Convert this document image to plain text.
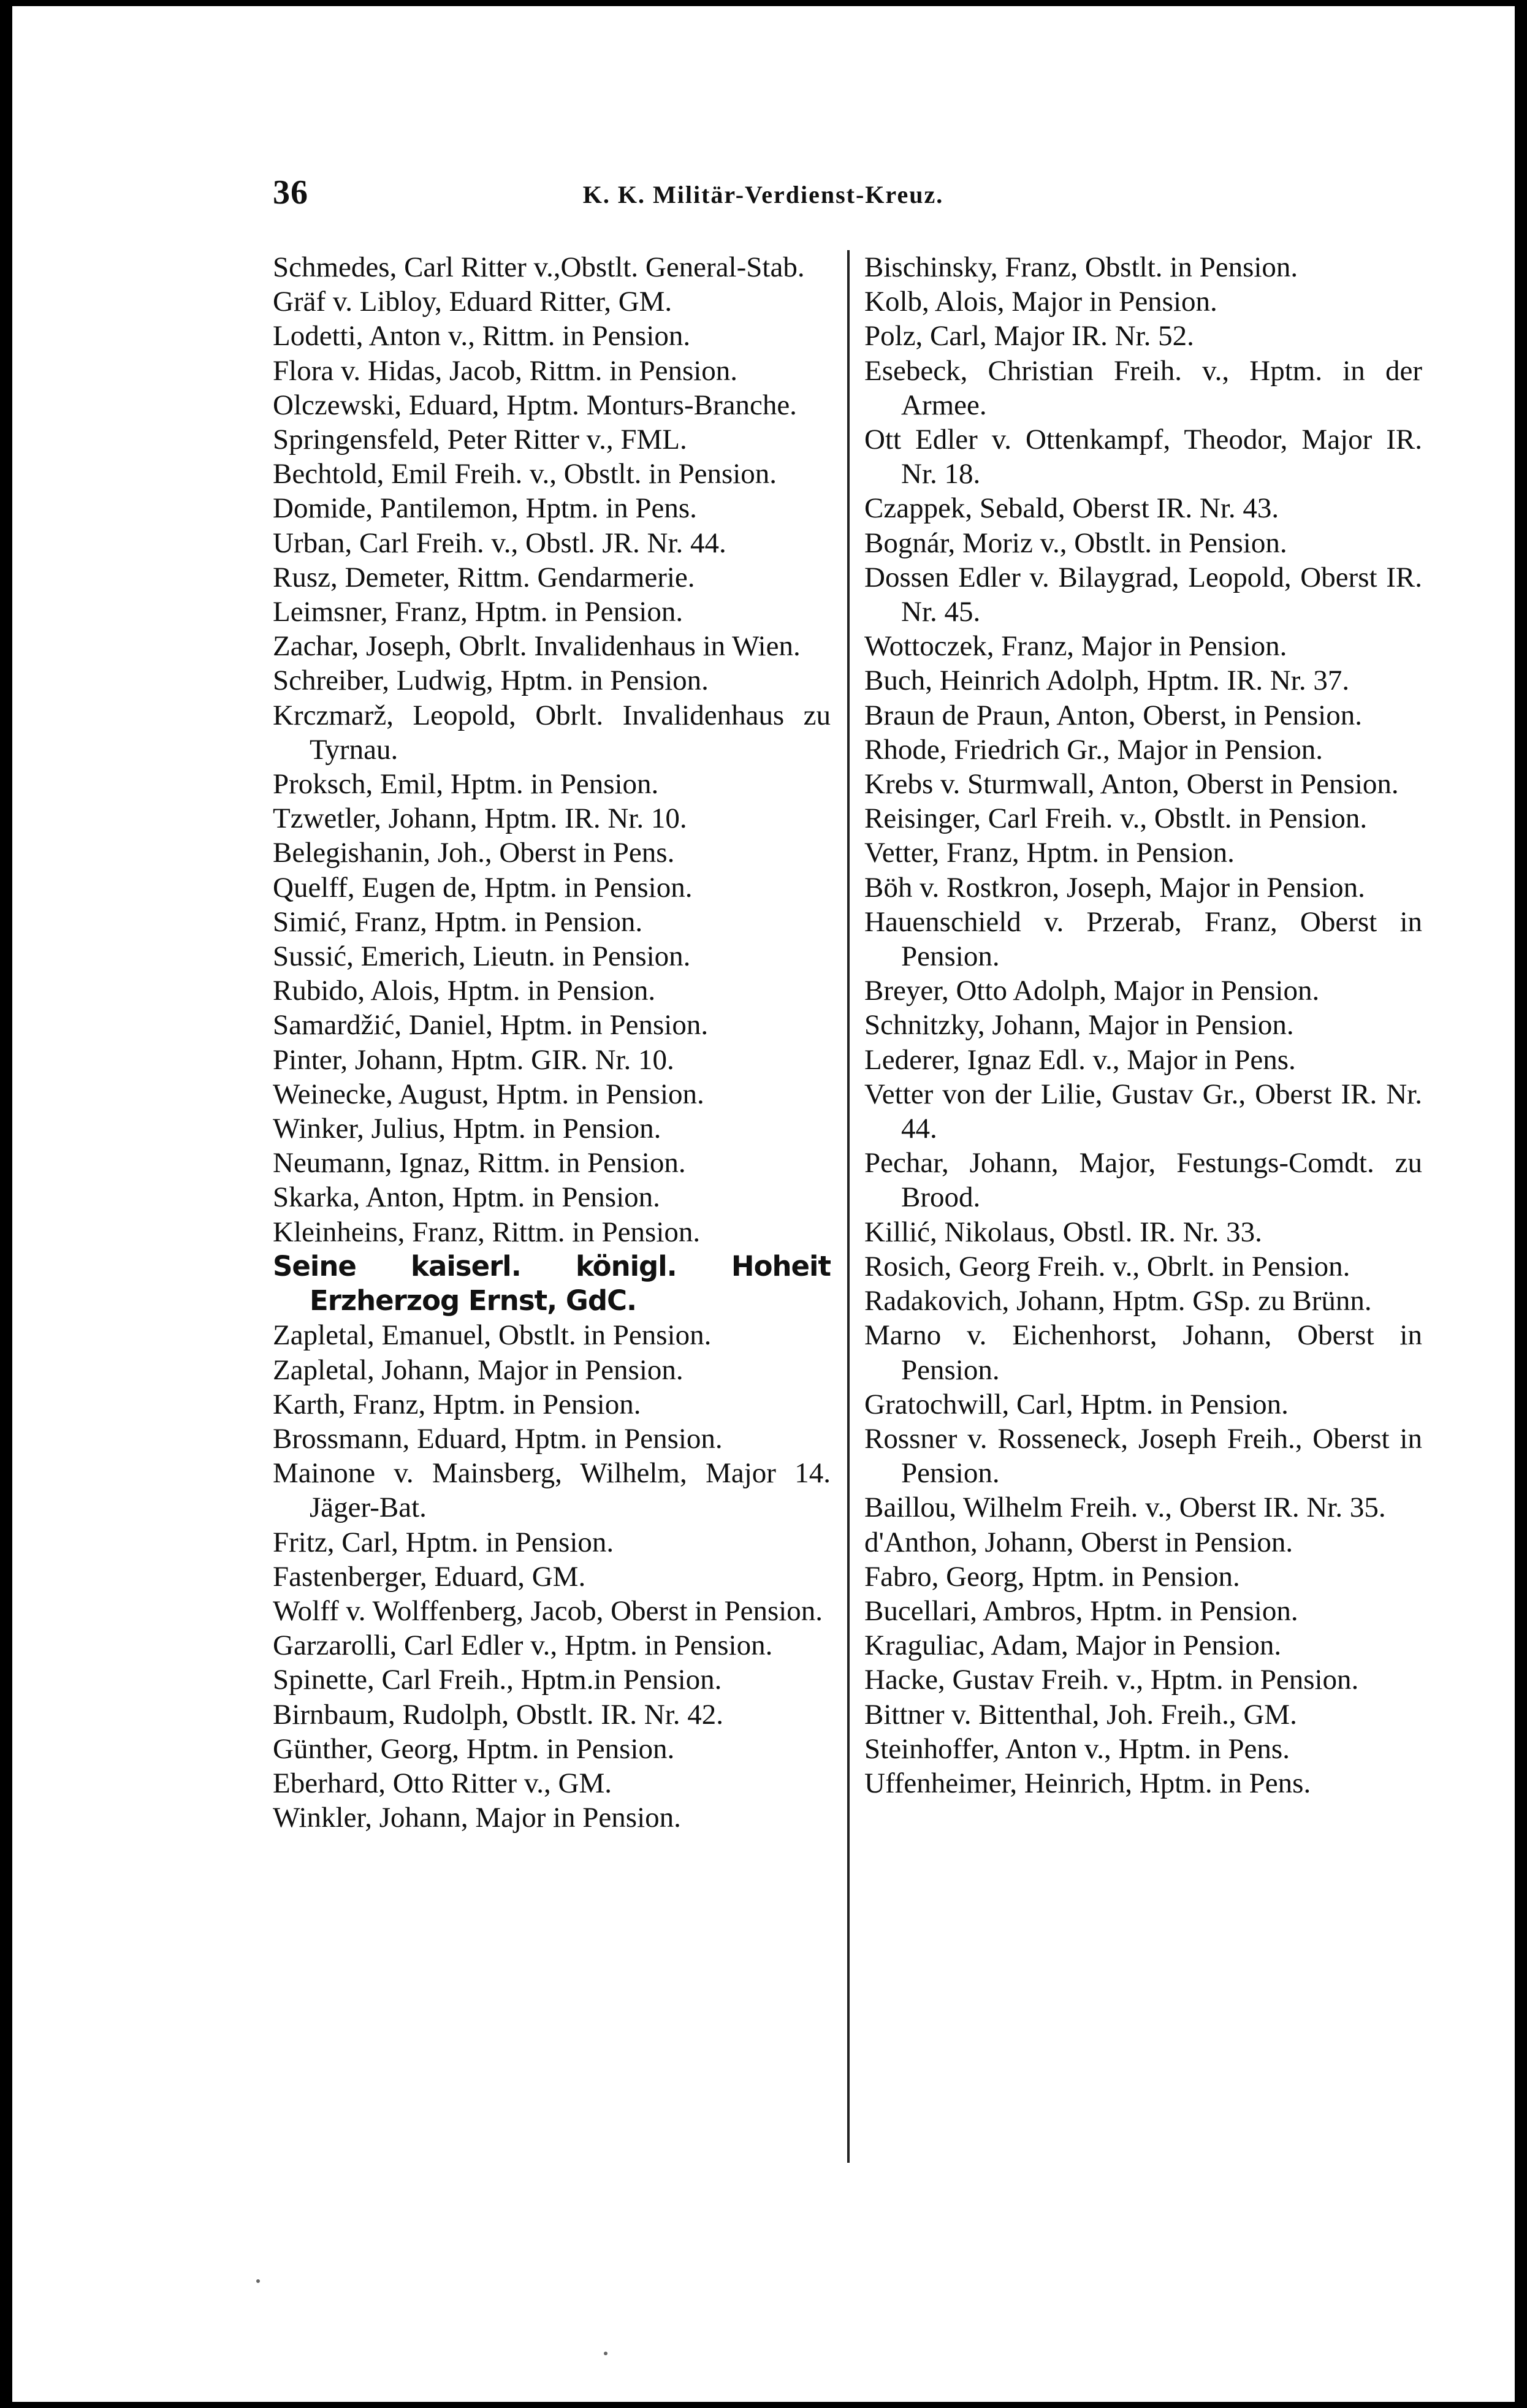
36	K. K. Militär-Verdienst-Kreuz.

Schmedes, Carl Ritter v.,Obstlt. General-Stab.

Gräf v. Libloy, Eduard Ritter, GM.

Lodetti, Anton v., Rittm. in Pension.

Flora v. Hidas, Jacob, Rittm. in Pension.

Olczewski, Eduard, Hptm. Monturs-Branche.

Springensfeld, Peter Ritter v., FML.

Bechtold, Emil Freih. v., Obstlt. in Pension.

Domide, Pantilemon, Hptm. in Pens.

Urban, Carl Freih. v., Obstl. JR. Nr. 44.

Rusz, Demeter, Rittm. Gendarmerie.

Leimsner, Franz, Hptm. in Pension.

Zachar, Joseph, Obrlt. Invalidenhaus in Wien.

Schreiber, Ludwig, Hptm. in Pension.

Krczmarž, Leopold, Obrlt. Invalidenhaus zu Tyrnau.

Proksch, Emil, Hptm. in Pension.

Tzwetler, Johann, Hptm. IR. Nr. 10.

Belegishanin, Joh., Oberst in Pens.

Quelff, Eugen de, Hptm. in Pension.

Simić, Franz, Hptm. in Pension.

Sussić, Emerich, Lieutn. in Pension.

Rubido, Alois, Hptm. in Pension.

Samardžić, Daniel, Hptm. in Pension.

Pinter, Johann, Hptm. GIR. Nr. 10.

Weinecke, August, Hptm. in Pension.

Winker, Julius, Hptm. in Pension.

Neumann, Ignaz, Rittm. in Pension.

Skarka, Anton, Hptm. in Pension.

Kleinheins, Franz, Rittm. in Pension.

Seine kaiserl. königl. Hoheit Erzherzog Ernst, GdC.

Zapletal, Emanuel, Obstlt. in Pension.

Zapletal, Johann, Major in Pension.

Karth, Franz, Hptm. in Pension.

Brossmann, Eduard, Hptm. in Pension.

Mainone v. Mainsberg, Wilhelm, Major 14. Jäger-Bat.

Fritz, Carl, Hptm. in Pension.

Fastenberger, Eduard, GM.

Wolff v. Wolffenberg, Jacob, Oberst in Pension.

Garzarolli, Carl Edler v., Hptm. in Pension.

Spinette, Carl Freih., Hptm.in Pension.

Birnbaum, Rudolph, Obstlt. IR. Nr. 42.

Günther, Georg, Hptm. in Pension.

Eberhard, Otto Ritter v., GM.

Winkler, Johann, Major in Pension.

Bischinsky, Franz, Obstlt. in Pension.

Kolb, Alois, Major in Pension.

Polz, Carl, Major IR. Nr. 52.

Esebeck, Christian Freih. v., Hptm. in der Armee.

Ott Edler v. Ottenkampf, Theodor, Major IR. Nr. 18.

Czappek, Sebald, Oberst IR. Nr. 43.

Bognár, Moriz v., Obstlt. in Pension.

Dossen Edler v. Bilaygrad, Leopold, Oberst IR. Nr. 45.

Wottoczek, Franz, Major in Pension.

Buch, Heinrich Adolph, Hptm. IR. Nr. 37.

Braun de Praun, Anton, Oberst, in Pension.

Rhode, Friedrich Gr., Major in Pension.

Krebs v. Sturmwall, Anton, Oberst in Pension.

Reisinger, Carl Freih. v., Obstlt. in Pension.

Vetter, Franz, Hptm. in Pension.

Böh v. Rostkron, Joseph, Major in Pension.

Hauenschield v. Przerab, Franz, Oberst in Pension.

Breyer, Otto Adolph, Major in Pension.

Schnitzky, Johann, Major in Pension.

Lederer, Ignaz Edl. v., Major in Pens.

Vetter von der Lilie, Gustav Gr., Oberst IR. Nr. 44.

Pechar, Johann, Major, Festungs-Comdt. zu Brood.

Killić, Nikolaus, Obstl. IR. Nr. 33.

Rosich, Georg Freih. v., Obrlt. in Pension.

Radakovich, Johann, Hptm. GSp. zu Brünn.

Marno v. Eichenhorst, Johann, Oberst in Pension.

Gratochwill, Carl, Hptm. in Pension.

Rossner v. Rosseneck, Joseph Freih., Oberst in Pension.

Baillou, Wilhelm Freih. v., Oberst IR. Nr. 35.

d'Anthon, Johann, Oberst in Pension.

Fabro, Georg, Hptm. in Pension.

Bucellari, Ambros, Hptm. in Pension.

Kraguliac, Adam, Major in Pension.

Hacke, Gustav Freih. v., Hptm. in Pension.

Bittner v. Bittenthal, Joh. Freih., GM.

Steinhoffer, Anton v., Hptm. in Pens.

Uffenheimer, Heinrich, Hptm. in Pens.
